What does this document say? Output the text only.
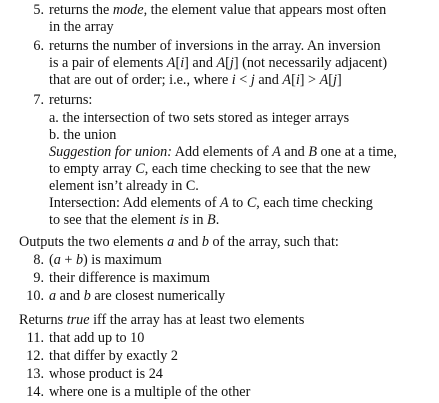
5. returns the mode, the element value that appears most often
in the array
6. returns the number of inversions in the array. An inversion
is a pair of elements A[i] and A[j] (not necessarily adjacent)
that are out of order; i.e., where i < j and A[i] > A[j]
7. returns:
a. the intersection of two sets stored as integer arrays
b. the union
Suggestion for union: Add elements of A and B one at a time,
to empty array C, each time checking to see that the new
element isn’t already in C.
Intersection: Add elements of A to C, each time checking
to see that the element is in B.
Outputs the two elements a and b of the array, such that:
8. (a + b) is maximum
9. their difference is maximum
10. a and b are closest numerically
Returns true iff the array has at least two elements
11. that add up to 10
12. that differ by exactly 2
13. whose product is 24
14. where one is a multiple of the other
